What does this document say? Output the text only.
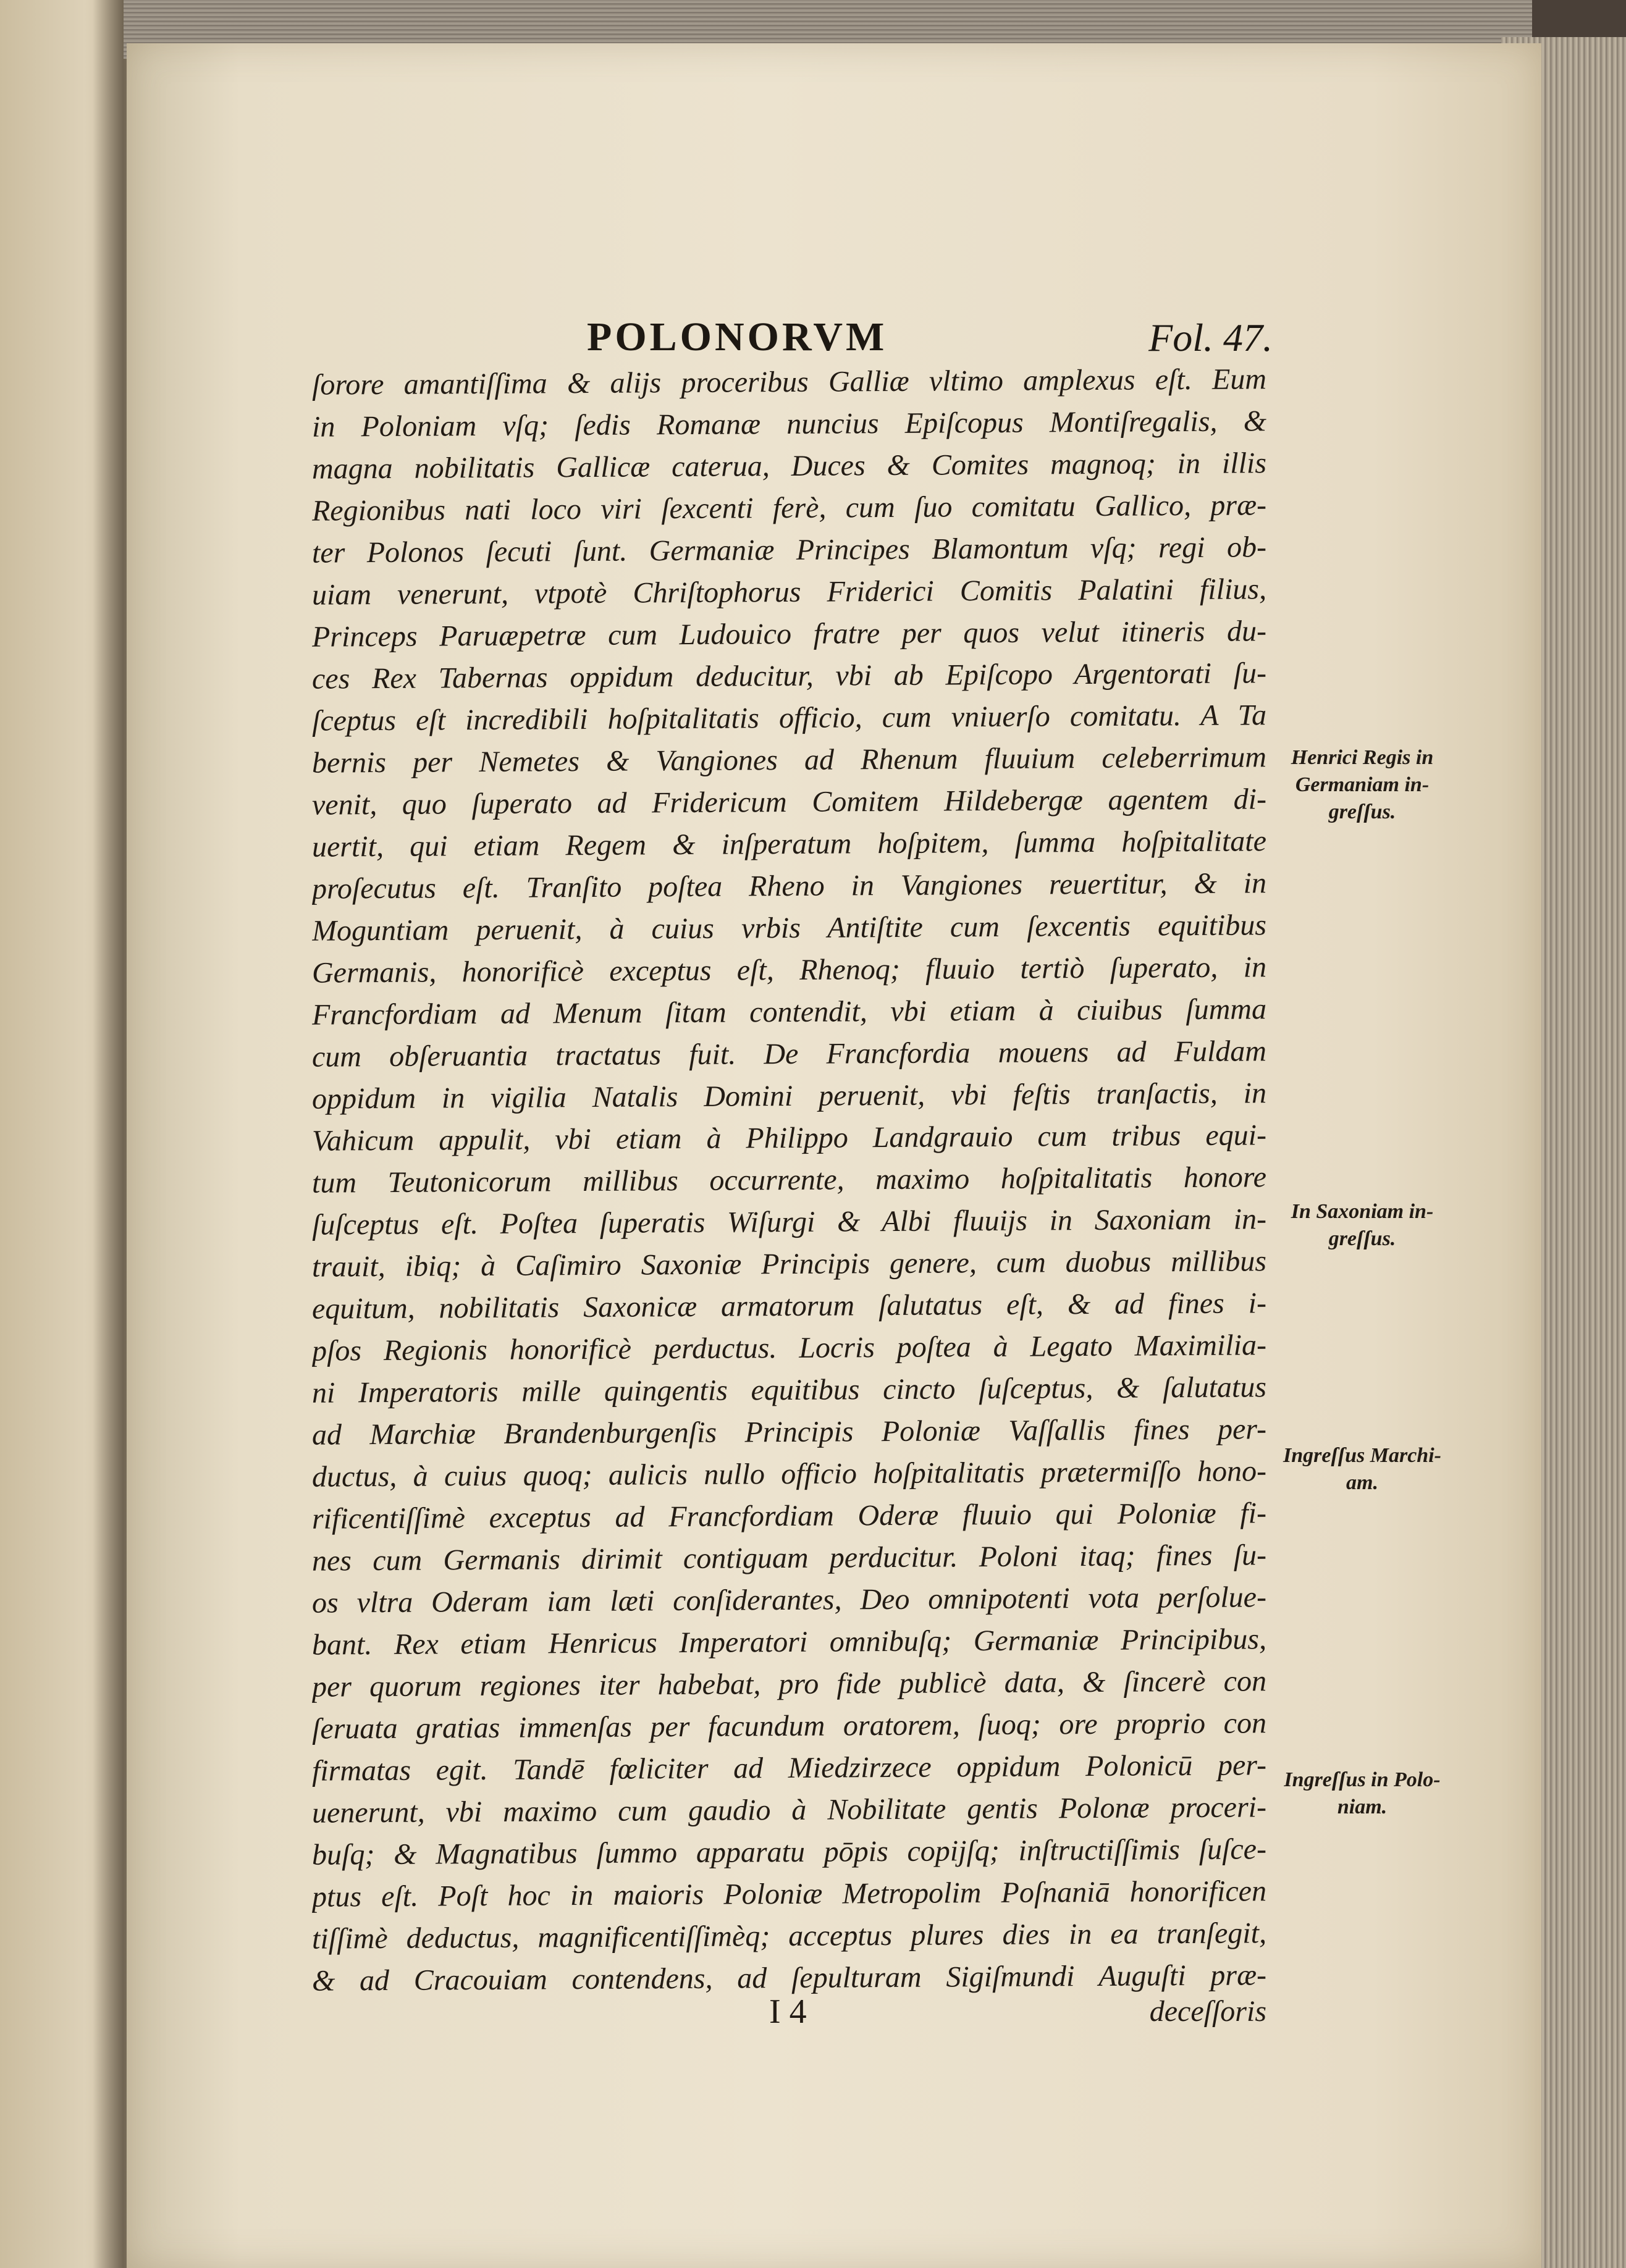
POLONORVM	Fol. 47.
ſorore amantiſſima & alijs proceribus Galliæ vltimo amplexus eſt. Eum
in Poloniam vſq; ſedis Romanæ nuncius Epiſcopus Montiſregalis, &
magna nobilitatis Gallicæ caterua, Duces & Comites magnoq; in illis
Regionibus nati loco viri ſexcenti ferè, cum ſuo comitatu Gallico, præ-
ter Polonos ſecuti ſunt. Germaniæ Principes Blamontum vſq; regi ob-
uiam venerunt, vtpotè Chriſtophorus Friderici Comitis Palatini filius,
Princeps Paruæpetræ cum Ludouico fratre per quos velut itineris du-
ces Rex Tabernas oppidum deducitur, vbi ab Epiſcopo Argentorati ſu-
ſceptus eſt incredibili hoſpitalitatis officio, cum vniuerſo comitatu. A Ta
bernis per Nemetes & Vangiones ad Rhenum fluuium celeberrimum
venit, quo ſuperato ad Fridericum Comitem Hildebergæ agentem di-
uertit, qui etiam Regem & inſperatum hoſpitem, ſumma hoſpitalitate
proſecutus eſt. Tranſito poſtea Rheno in Vangiones reuertitur, & in
Moguntiam peruenit, à cuius vrbis Antiſtite cum ſexcentis equitibus
Germanis, honorificè exceptus eſt, Rhenoq; fluuio tertiò ſuperato, in
Francfordiam ad Menum ſitam contendit, vbi etiam à ciuibus ſumma
cum obſeruantia tractatus fuit. De Francfordia mouens ad Fuldam
oppidum in vigilia Natalis Domini peruenit, vbi feſtis tranſactis, in
Vahicum appulit, vbi etiam à Philippo Landgrauio cum tribus equi-
tum Teutonicorum millibus occurrente, maximo hoſpitalitatis honore
ſuſceptus eſt. Poſtea ſuperatis Wiſurgi & Albi fluuijs in Saxoniam in-
trauit, ibiq; à Caſimiro Saxoniæ Principis genere, cum duobus millibus
equitum, nobilitatis Saxonicæ armatorum ſalutatus eſt, & ad fines i-
pſos Regionis honorificè perductus. Locris poſtea à Legato Maximilia-
ni Imperatoris mille quingentis equitibus cincto ſuſceptus, & ſalutatus
ad Marchiæ Brandenburgenſis Principis Poloniæ Vaſſallis fines per-
ductus, à cuius quoq; aulicis nullo officio hoſpitalitatis prætermiſſo hono-
rificentiſſimè exceptus ad Francfordiam Oderæ fluuio qui Poloniæ fi-
nes cum Germanis dirimit contiguam perducitur. Poloni itaq; fines ſu-
os vltra Oderam iam læti conſiderantes, Deo omnipotenti vota perſolue-
bant. Rex etiam Henricus Imperatori omnibuſq; Germaniæ Principibus,
per quorum regiones iter habebat, pro fide publicè data, & ſincerè con
ſeruata gratias immenſas per facundum oratorem, ſuoq; ore proprio con
firmatas egit. Tandē fœliciter ad Miedzirzece oppidum Polonicū per-
uenerunt, vbi maximo cum gaudio à Nobilitate gentis Polonæ proceri-
buſq; & Magnatibus ſummo apparatu pōpis copijſq; inſtructiſſimis ſuſce-
ptus eſt. Poſt hoc in maioris Poloniæ Metropolim Poſnaniā honorificen
tiſſimè deductus, magnificentiſſimèq; acceptus plures dies in ea tranſegit,
& ad Cracouiam contendens, ad ſepulturam Sigiſmundi Auguſti præ-
Henrici Regis in
Germaniam in-
greſſus.
In Saxoniam in-
greſſus.
Ingreſſus Marchi-
am.
Ingreſſus in Polo-
niam.
I 4	deceſſoris
